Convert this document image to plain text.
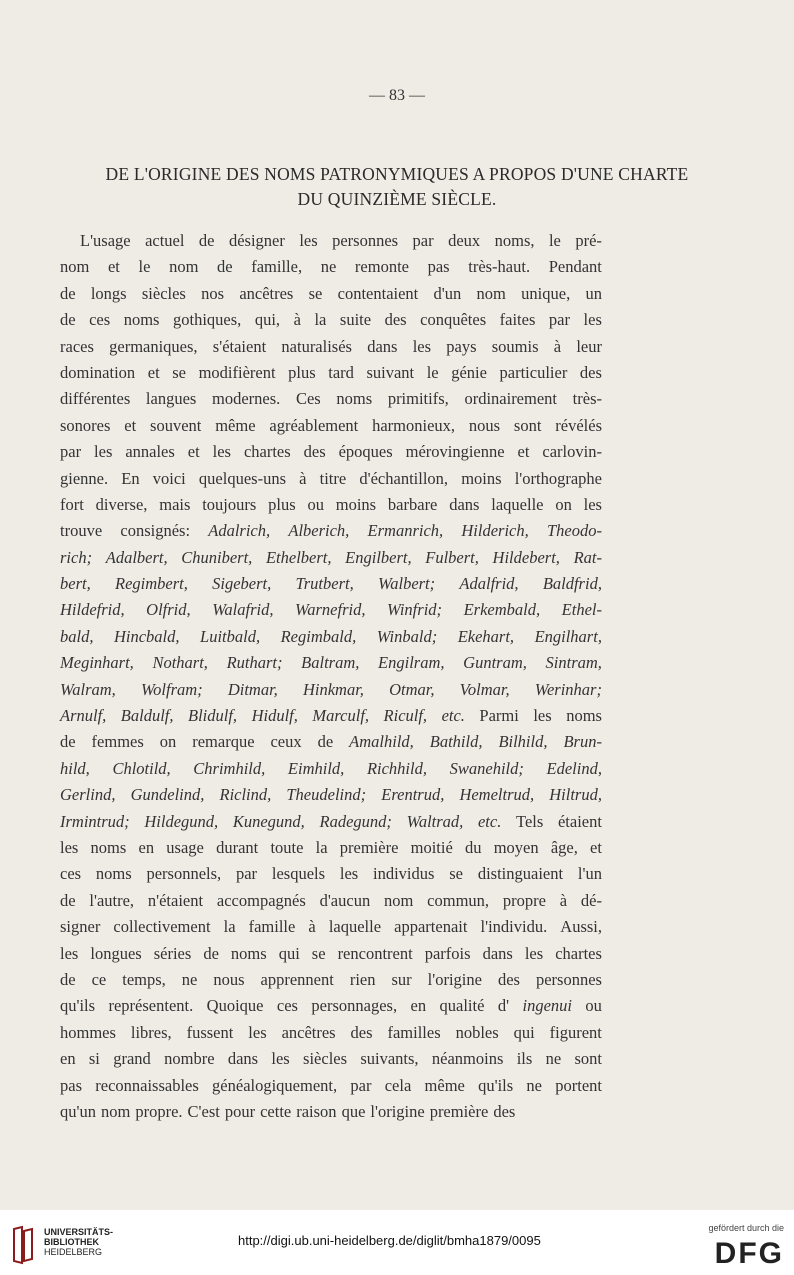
— 83 —
DE L'ORIGINE DES NOMS PATRONYMIQUES A PROPOS D'UNE CHARTE
DU QUINZIÈME SIÈCLE.
L'usage actuel de désigner les personnes par deux noms, le pré-
nom et le nom de famille, ne remonte pas très-haut. Pendant
de longs siècles nos ancêtres se contentaient d'un nom unique, un
de ces noms gothiques, qui, à la suite des conquêtes faites par les
races germaniques, s'étaient naturalisés dans les pays soumis à leur
domination et se modifièrent plus tard suivant le génie particulier des
différentes langues modernes. Ces noms primitifs, ordinairement très-
sonores et souvent même agréablement harmonieux, nous sont révélés
par les annales et les chartes des époques mérovingienne et carlovin-
gienne. En voici quelques-uns à titre d'échantillon, moins l'orthographe
fort diverse, mais toujours plus ou moins barbare dans laquelle on les
trouve consignés: Adalrich, Alberich, Ermanrich, Hilderich, Theodo-
rich; Adalbert, Chunibert, Ethelbert, Engilbert, Fulbert, Hildebert, Rat-
bert, Regimbert, Sigebert, Trutbert, Walbert; Adalfrid, Baldfrid,
Hildefrid, Olfrid, Walafrid, Warnefrid, Winfrid; Erkembald, Ethel-
bald, Hincbald, Luitbald, Regimbald, Winbald; Ekehart, Engilhart,
Meginhart, Nothart, Ruthart; Baltram, Engilram, Guntram, Sintram,
Walram, Wolfram; Ditmar, Hinkmar, Otmar, Volmar, Werinhar;
Arnulf, Baldulf, Blidulf, Hidulf, Marculf, Riculf, etc. Parmi les noms
de femmes on remarque ceux de Amalhild, Bathild, Bilhild, Brun-
hild, Chlotild, Chrimhild, Eimhild, Richhild, Swanehild; Edelind,
Gerlind, Gundelind, Riclind, Theudelind; Erentrud, Hemeltrud, Hiltrud,
Irmintrud; Hildegund, Kunegund, Radegund; Waltrad, etc. Tels étaient
les noms en usage durant toute la première moitié du moyen âge, et
ces noms personnels, par lesquels les individus se distinguaient l'un
de l'autre, n'étaient accompagnés d'aucun nom commun, propre à dé-
signer collectivement la famille à laquelle appartenait l'individu. Aussi,
les longues séries de noms qui se rencontrent parfois dans les chartes
de ce temps, ne nous apprennent rien sur l'origine des personnes
qu'ils représentent. Quoique ces personnages, en qualité d' ingenui ou
hommes libres, fussent les ancêtres des familles nobles qui figurent
en si grand nombre dans les siècles suivants, néanmoins ils ne sont
pas reconnaissables généalogiquement, par cela même qu'ils ne portent
qu'un nom propre. C'est pour cette raison que l'origine première des
UNIVERSITÄTS-
BIBLIOTHEK
HEIDELBERG
http://digi.ub.uni-heidelberg.de/diglit/bmha1879/0095
gefördert durch die
DFG
